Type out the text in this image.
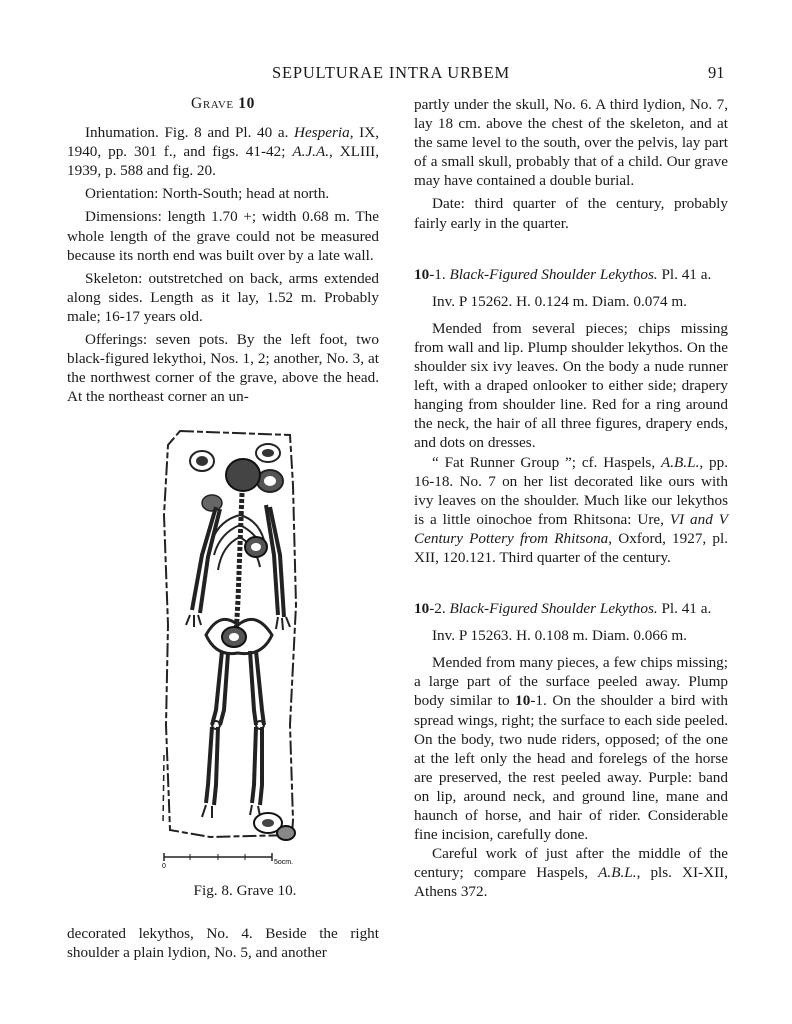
SEPULTURAE INTRA URBEM	91

Grave 10

Inhumation. Fig. 8 and Pl. 40 a. Hesperia, IX, 1940, pp. 301 f., and figs. 41-42; A.J.A., XLIII, 1939, p. 588 and fig. 20.

Orientation: North-South; head at north.

Dimensions: length 1.70 +; width 0.68 m. The whole length of the grave could not be measured because its north end was built over by a late wall.

Skeleton: outstretched on back, arms extended along sides. Length as it lay, 1.52 m. Probably male; 16-17 years old.

Offerings: seven pots. By the left foot, two black-figured lekythoi, Nos. 1, 2; another, No. 3, at the northwest corner of the grave, above the head. At the northeast corner an un-

0
5ocm.
Fig. 8. Grave 10.

decorated lekythos, No. 4. Beside the right shoulder a plain lydion, No. 5, and another

partly under the skull, No. 6. A third lydion, No. 7, lay 18 cm. above the chest of the skeleton, and at the same level to the south, over the pelvis, lay part of a small skull, probably that of a child. Our grave may have contained a double burial.

Date: third quarter of the century, probably fairly early in the quarter.

10-1. Black-Figured Shoulder Lekythos. Pl. 41 a.

Inv. P 15262. H. 0.124 m. Diam. 0.074 m.

Mended from several pieces; chips missing from wall and lip. Plump shoulder lekythos. On the shoulder six ivy leaves. On the body a nude runner left, with a draped onlooker to either side; drapery hanging from shoulder line. Red for a ring around the neck, the hair of all three figures, drapery ends, and dots on dresses.

“ Fat Runner Group ”; cf. Haspels, A.B.L., pp. 16-18. No. 7 on her list decorated like ours with ivy leaves on the shoulder. Much like our lekythos is a little oinochoe from Rhitsona: Ure, VI and V Century Pottery from Rhitsona, Oxford, 1927, pl. XII, 120.121. Third quarter of the century.

10-2. Black-Figured Shoulder Lekythos. Pl. 41 a.

Inv. P 15263. H. 0.108 m. Diam. 0.066 m.

Mended from many pieces, a few chips missing; a large part of the surface peeled away. Plump body similar to 10-1. On the shoulder a bird with spread wings, right; the surface to each side peeled. On the body, two nude riders, opposed; of the one at the left only the head and forelegs of the horse are preserved, the rest peeled away. Purple: band on lip, around neck, and ground line, mane and haunch of horse, and hair of rider. Considerable fine incision, carefully done.

Careful work of just after the middle of the century; compare Haspels, A.B.L., pls. XI-XII, Athens 372.
